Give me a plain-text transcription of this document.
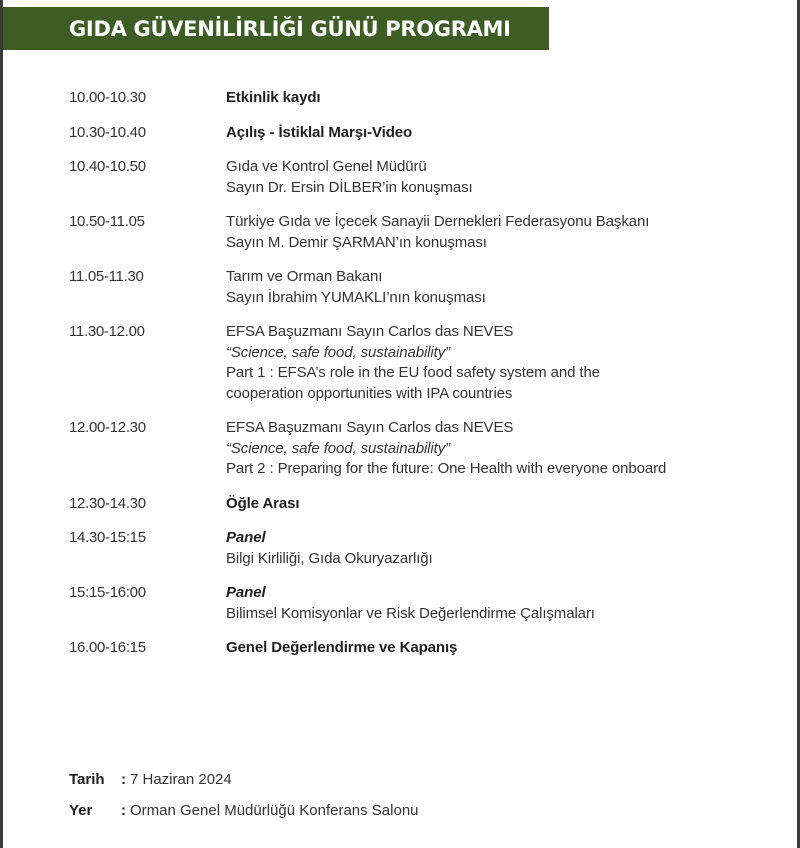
GIDA GÜVENİLİRLİĞİ GÜNÜ PROGRAMI
10.00-10.30	Etkinlik kaydı
10.30-10.40	Açılış - İstiklal Marşı-Video
10.40-10.50	Gıda ve Kontrol Genel Müdürü
Sayın Dr. Ersin DİLBER’in konuşması
10.50-11.05	Türkiye Gıda ve İçecek Sanayii Dernekleri Federasyonu Başkanı
Sayın M. Demir ŞARMAN’ın konuşması
11.05-11.30	Tarım ve Orman Bakanı
Sayın İbrahim YUMAKLI’nın konuşması
11.30-12.00	EFSA Başuzmanı Sayın Carlos das NEVES
“Science, safe food, sustainability”
Part 1 : EFSA’s role in the EU food safety system and the
cooperation opportunities with IPA countries
12.00-12.30	EFSA Başuzmanı Sayın Carlos das NEVES
“Science, safe food, sustainability”
Part 2 : Preparing for the future: One Health with everyone onboard
12.30-14.30	Öğle Arası
14.30-15:15	Panel
Bilgi Kirliliği, Gıda Okuryazarlığı
15:15-16:00	Panel
Bilimsel Komisyonlar ve Risk Değerlendirme Çalışmaları
16.00-16:15	Genel Değerlendirme ve Kapanış
Tarih	: 7 Haziran 2024
Yer	: Orman Genel Müdürlüğü Konferans Salonu
